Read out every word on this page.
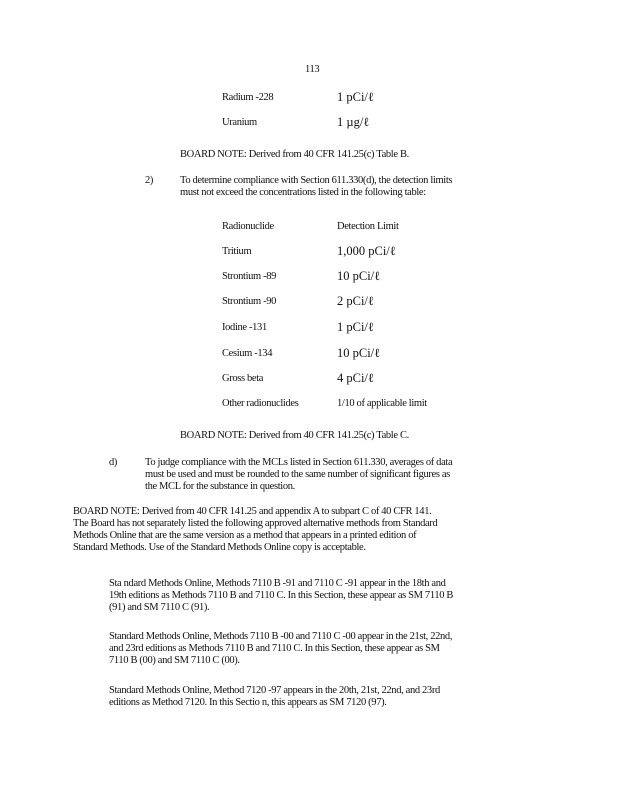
113
Radium -228	1 pCi/ℓ
Uranium	1 µg/ℓ
BOARD NOTE: Derived from 40 CFR 141.25(c) Table B.
2)	To determine compliance with Section 611.330(d), the detection limits
must not exceed the concentrations listed in the following table:
Radionuclide	Detection Limit
Tritium	1,000 pCi/ℓ
Strontium -89	10 pCi/ℓ
Strontium -90	2 pCi/ℓ
Iodine -131	1 pCi/ℓ
Cesium -134	10 pCi/ℓ
Gross beta	4 pCi/ℓ
Other radionuclides	1/10 of applicable limit
BOARD NOTE: Derived from 40 CFR 141.25(c) Table C.
d)	To judge compliance with the MCLs listed in Section 611.330, averages of data
must be used and must be rounded to the same number of significant figures as
the MCL for the substance in question.
BOARD NOTE: Derived from 40 CFR 141.25 and appendix A to subpart C of 40 CFR 141.
The Board has not separately listed the following approved alternative methods from Standard
Methods Online that are the same version as a method that appears in a printed edition of
Standard Methods. Use of the Standard Methods Online copy is acceptable.
Sta ndard Methods Online, Methods 7110 B -91 and 7110 C -91 appear in the 18th and
19th editions as Methods 7110 B and 7110 C. In this Section, these appear as SM 7110 B
(91) and SM 7110 C (91).
Standard Methods Online, Methods 7110 B -00 and 7110 C -00 appear in the 21st, 22nd,
and 23rd editions as Methods 7110 B and 7110 C. In this Section, these appear as SM
7110 B (00) and SM 7110 C (00).
Standard Methods Online, Method 7120 -97 appears in the 20th, 21st, 22nd, and 23rd
editions as Method 7120. In this Sectio n, this appears as SM 7120 (97).
